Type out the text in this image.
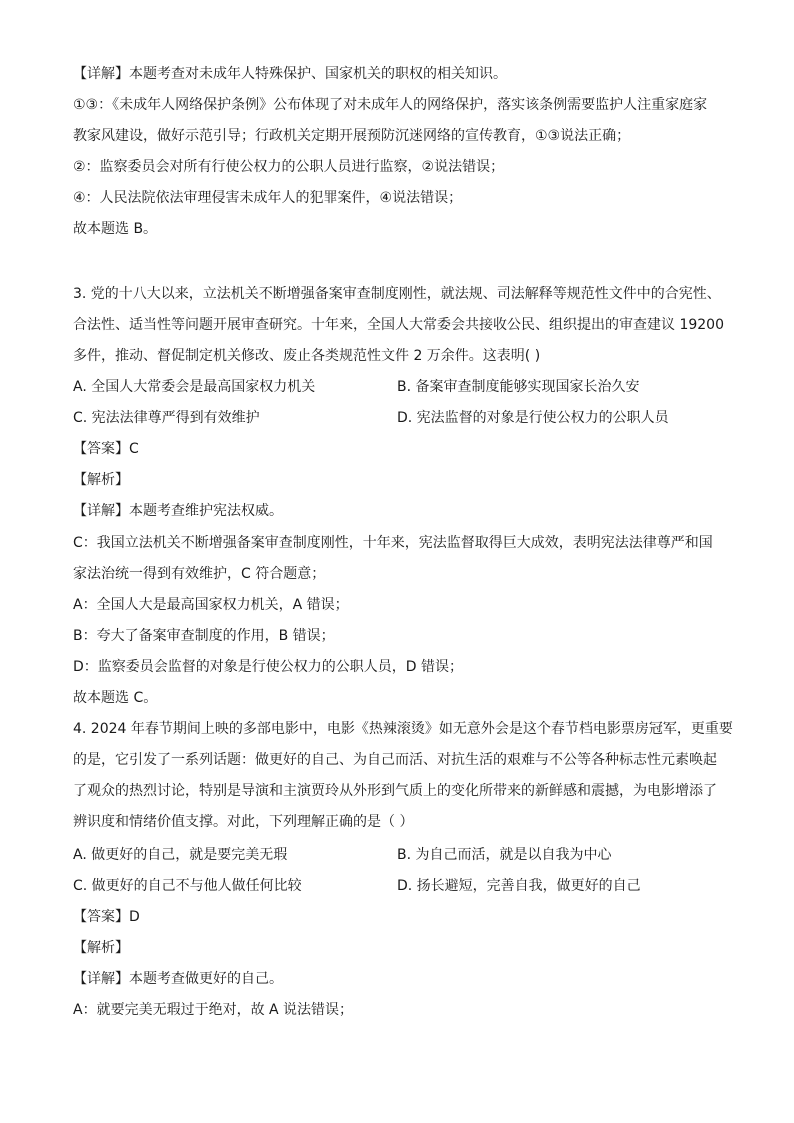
【详解】本题考查对未成年人特殊保护、国家机关的职权的相关知识。
①③：《未成年人网络保护条例》公布体现了对未成年人的网络保护，落实该条例需要监护人注重家庭家
教家风建设，做好示范引导；行政机关定期开展预防沉迷网络的宣传教育，①③说法正确；
②：监察委员会对所有行使公权力的公职人员进行监察，②说法错误；
④：人民法院依法审理侵害未成年人的犯罪案件，④说法错误；
故本题选 B。
3. 党的十八大以来，立法机关不断增强备案审查制度刚性，就法规、司法解释等规范性文件中的合宪性、
合法性、适当性等问题开展审查研究。十年来，全国人大常委会共接收公民、组织提出的审查建议 19200
多件，推动、督促制定机关修改、废止各类规范性文件 2 万余件。这表明( )
A. 全国人大常委会是最高国家权力机关	B. 备案审查制度能够实现国家长治久安
C. 宪法法律尊严得到有效维护	D. 宪法监督的对象是行使公权力的公职人员
【答案】C
【解析】
【详解】本题考查维护宪法权威。
C：我国立法机关不断增强备案审查制度刚性，十年来，宪法监督取得巨大成效，表明宪法法律尊严和国
家法治统一得到有效维护，C 符合题意；
A：全国人大是最高国家权力机关，A 错误；
B：夸大了备案审查制度的作用，B 错误；
D：监察委员会监督的对象是行使公权力的公职人员，D 错误；
故本题选 C。
4. 2024 年春节期间上映的多部电影中，电影《热辣滚烫》如无意外会是这个春节档电影票房冠军，更重要
的是，它引发了一系列话题：做更好的自己、为自己而活、对抗生活的艰难与不公等各种标志性元素唤起
了观众的热烈讨论，特别是导演和主演贾玲从外形到气质上的变化所带来的新鲜感和震撼，为电影增添了
辨识度和情绪价值支撑。对此，下列理解正确的是（ ）
A. 做更好的自己，就是要完美无瑕	B. 为自己而活，就是以自我为中心
C. 做更好的自己不与他人做任何比较	D. 扬长避短，完善自我，做更好的自己
【答案】D
【解析】
【详解】本题考查做更好的自己。
A：就要完美无瑕过于绝对，故 A 说法错误；
